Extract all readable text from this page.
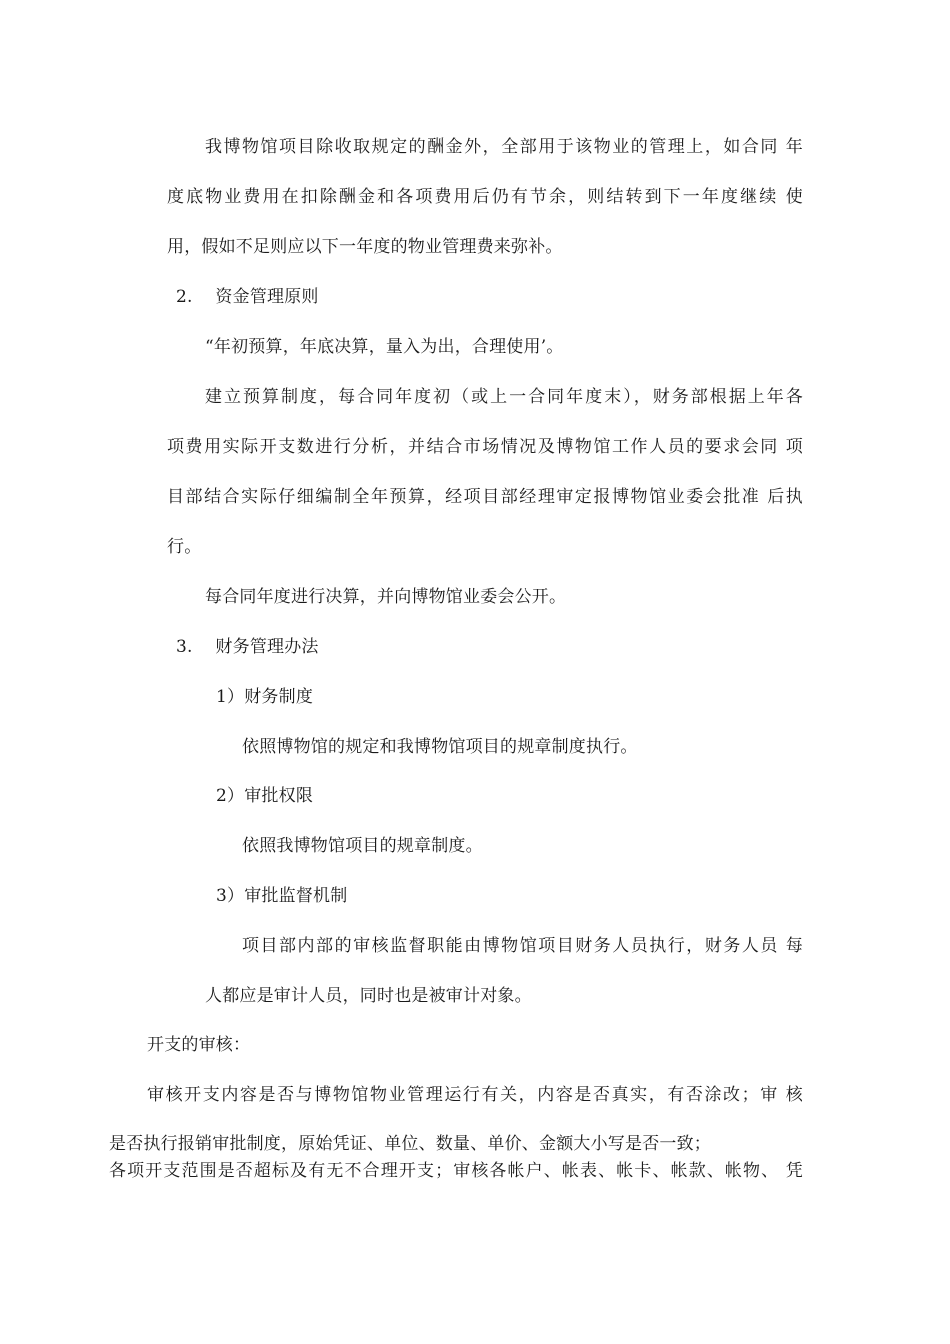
我博物馆项目除收取规定的酬金外，全部用于该物业的管理上，如合同 年
度底物业费用在扣除酬金和各项费用后仍有节余，则结转到下一年度继续 使
用，假如不足则应以下一年度的物业管理费来弥补。
2.　 资金管理原则
“年初预算，年底决算，量入为出，合理使用’。
建立预算制度，每合同年度初（或上一合同年度末），财务部根据上年各
项费用实际开支数进行分析，并结合市场情况及博物馆工作人员的要求会同 项
目部结合实际仔细编制全年预算，经项目部经理审定报博物馆业委会批准 后执
行。
每合同年度进行决算，并向博物馆业委会公开。
3.　 财务管理办法
1）财务制度
依照博物馆的规定和我博物馆项目的规章制度执行。
2）审批权限
依照我博物馆项目的规章制度。
3）审批监督机制
项目部内部的审核监督职能由博物馆项目财务人员执行，财务人员 每
人都应是审计人员，同时也是被审计对象。
开支的审核：
审核开支内容是否与博物馆物业管理运行有关，内容是否真实，有否涂改；审 核
是否执行报销审批制度，原始凭证、单位、数量、单价、金额大小写是否一致；
各项开支范围是否超标及有无不合理开支；审核各帐户、帐表、帐卡、帐款、帐物、 凭
